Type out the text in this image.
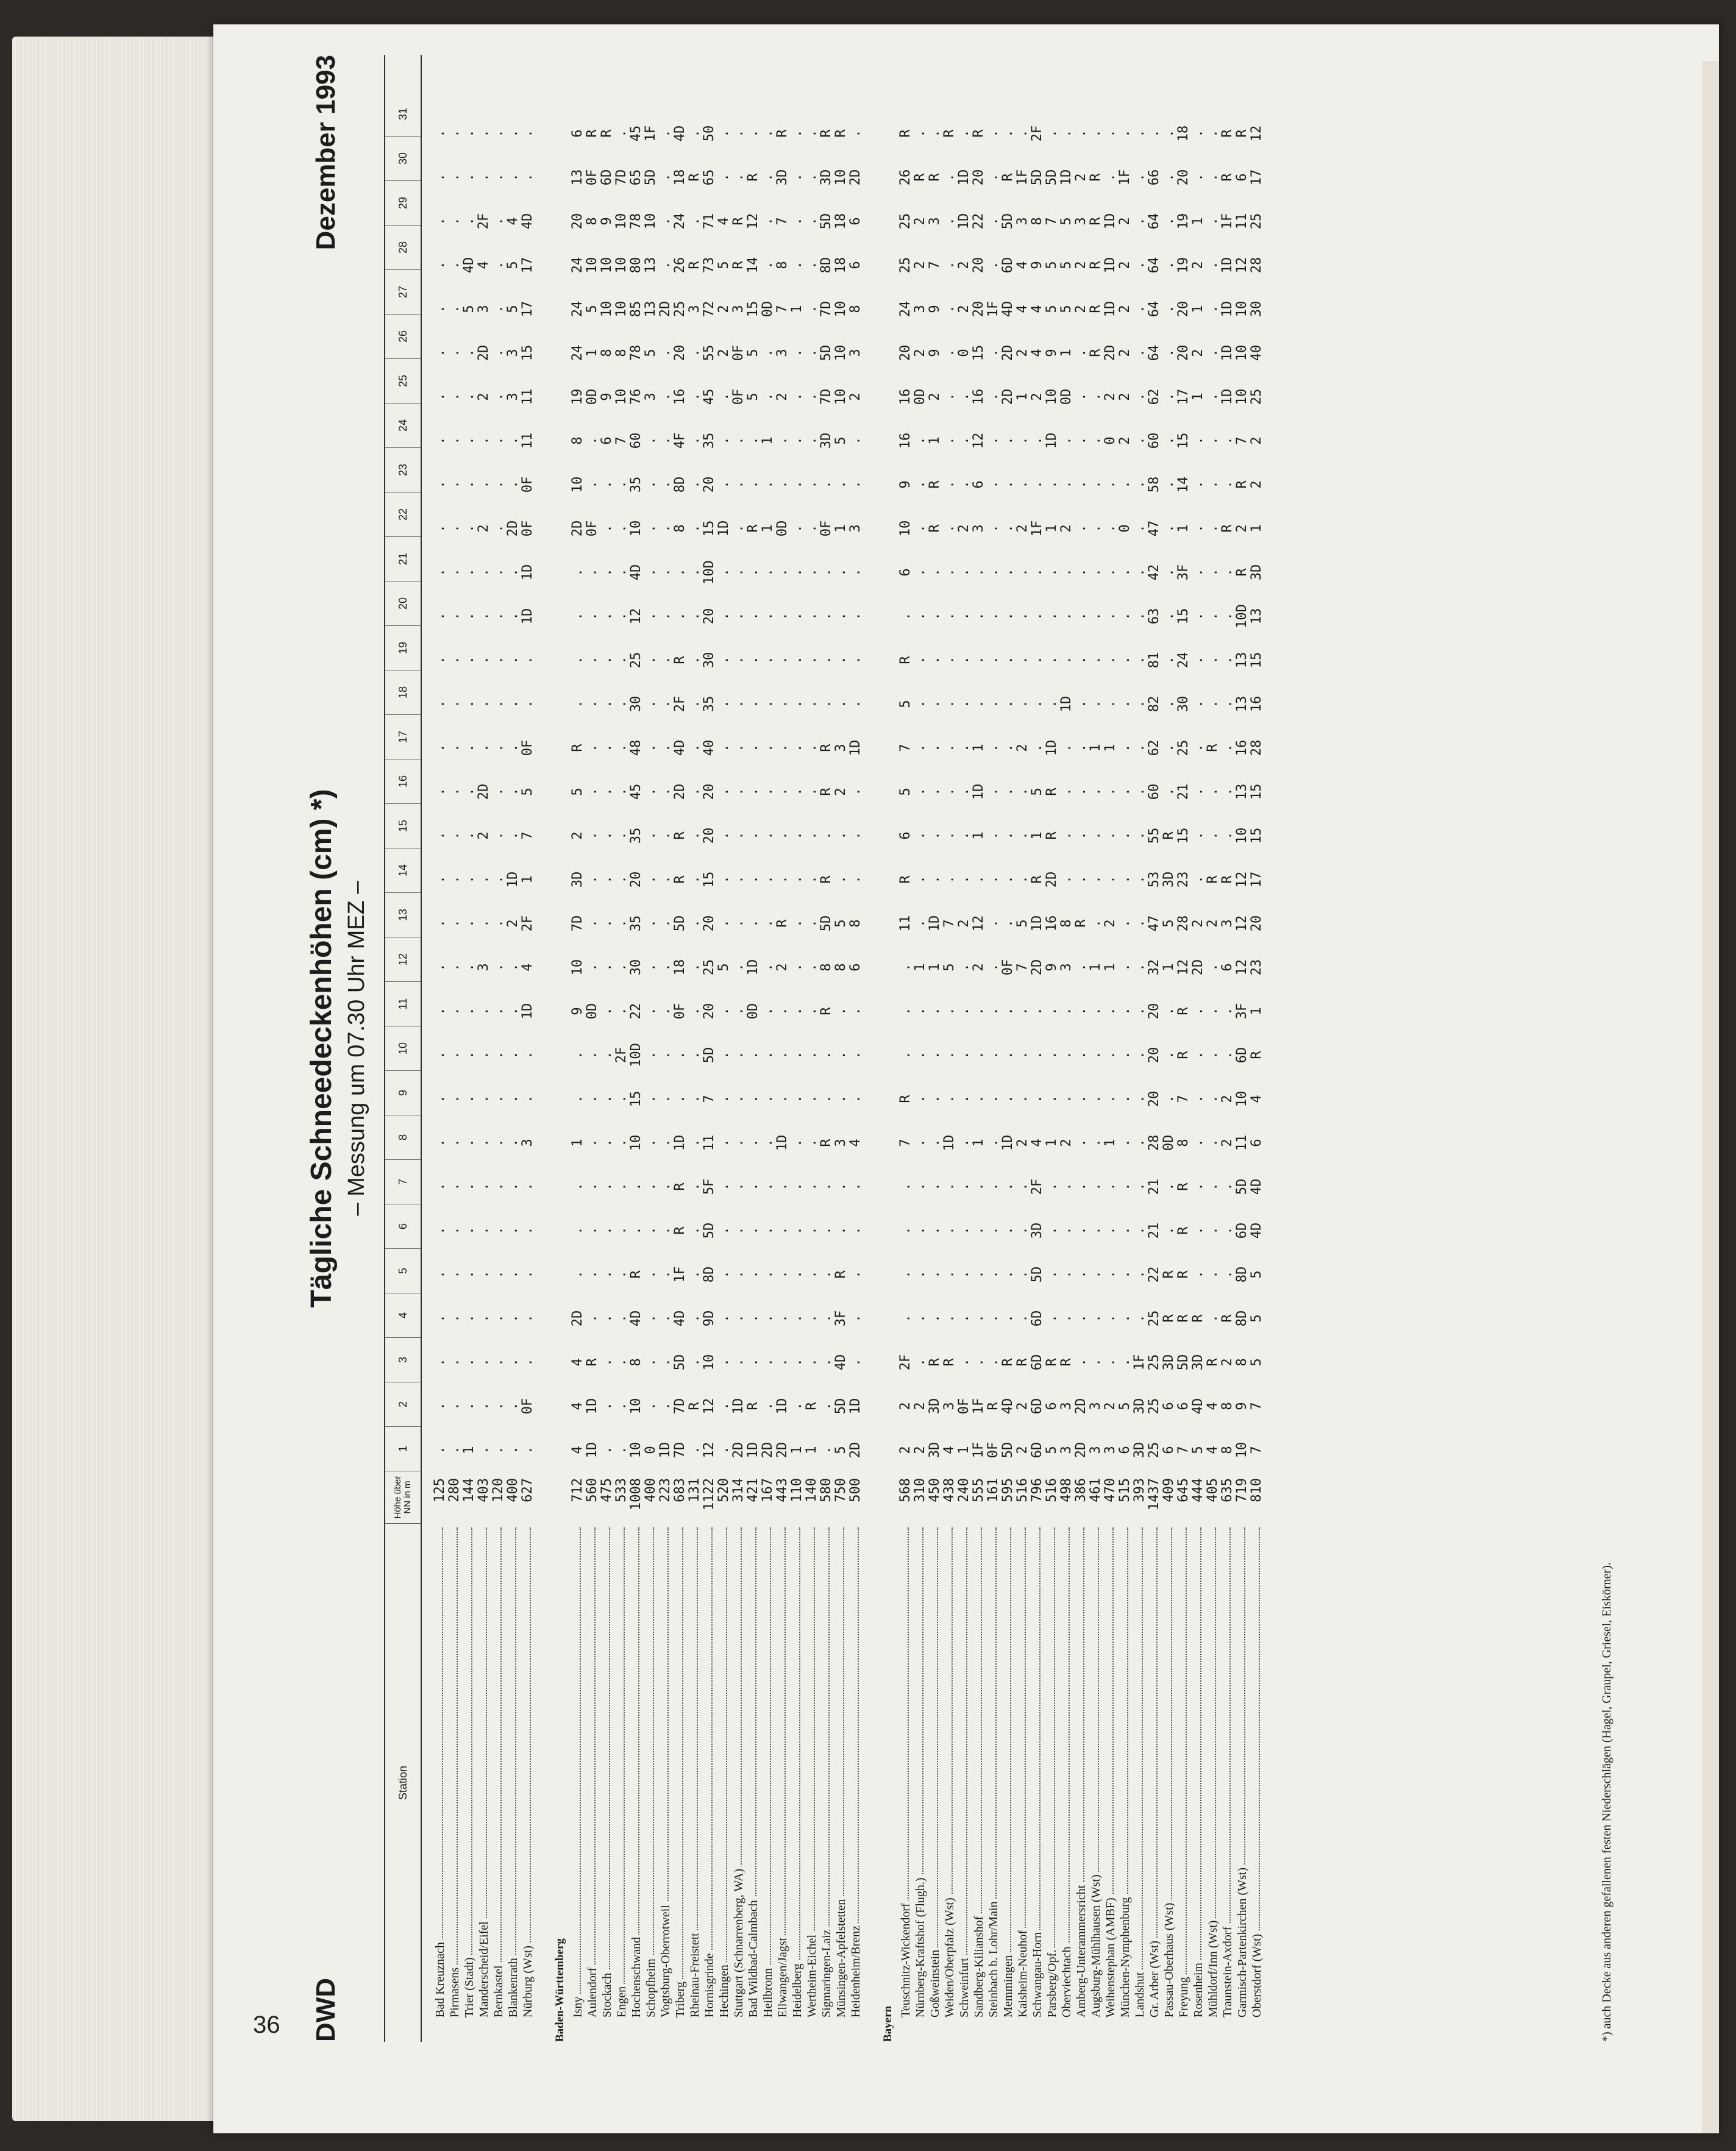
36 DWD
Tägliche Schneedeckenhöhen (cm) *) – Messung um 07.30 Uhr MEZ –
Dezember 1993
Station
Höhe über NN in m
1
2
3
4
5
6
7
8
9
10
11
12
13
14
15
16
17
18
19
20
21
22
23
24
25
26
27
28
29
30
31
Bad Kreuznach
125
.
.
.
.
.
.
.
.
.
.
.
.
.
.
.
.
.
.
.
.
.
.
.
.
.
.
.
.
.
.
.
Pirmasens
280
.
.
.
.
.
.
.
.
.
.
.
.
.
.
.
.
.
.
.
.
.
.
.
.
.
.
.
.
.
.
.
Trier (Stadt)
144
1
.
.
.
.
.
.
.
.
.
.
.
.
.
.
.
.
.
.
.
.
.
.
.
.
.
5
4D
.
.
.
Manderscheid/Eifel
403
.
.
.
.
.
.
.
.
.
.
.
3
.
.
2
2D
.
.
.
.
.
2
.
.
2
2D
3
4
2F
.
.
Bernkastel
120
.
.
.
.
.
.
.
.
.
.
.
.
.
.
.
.
.
.
.
.
.
.
.
.
.
.
.
.
.
.
.
Blankenrath
400
.
.
.
.
.
.
.
.
.
.
.
.
2
1D
.
.
.
.
.
.
.
2D
.
.
3
3
5
5
4
.
.
Nürburg (Wst)
627
.
0F
.
.
.
.
.
3
.
.
1D
4
2F
1
7
5
0F
.
.
1D
1D
0F
0F
11
11
15
17
17
4D
.
.
Baden-Württemberg Isny
712
4
4
4
2D
.
.
.
1
.
.
9
10
7D
3D
2
5
R
.
.
.
.
2D
10
8
19
24
24
24
20
13
6
Aulendorf
560
1D
1D
R
.
.
.
.
.
.
.
0D
.
.
.
.
.
.
.
.
.
.
0F
.
.
0D
1
5
10
8
0F
R
Stockach
475
.
.
.
.
.
.
.
.
.
.
.
.
.
.
.
.
.
.
.
.
.
.
.
6
9
8
10
10
9
6D
R
Engen
533
.
.
.
.
.
.
.
.
.
2F
.
.
.
.
.
.
.
.
.
.
.
.
.
7
10
8
10
10
10
7D
.
Hochenschwand
1008
10
10
8
4D
R
.
.
10
15
10D
22
30
35
20
35
45
48
30
25
12
4D
10
35
60
76
78
85
80
78
65
45
Schopfheim
400
0
.
.
.
.
.
.
.
.
.
.
.
.
.
.
.
.
.
.
.
.
.
.
.
3
5
13
13
10
5D
1F
Vogtsburg-Oberrotweil
223
1D
.
.
.
.
.
.
.
.
.
.
.
.
.
.
.
.
.
.
.
.
.
.
.
.
.
2D
.
.
.
.
Triberg
683
7D
7D
5D
4D
1F
R
R
1D
.
.
0F
18
5D
R
R
2D
4D
2F
R
.
.
8
8D
4F
16
20
25
26
24
18
4D
Rheinau-Freistett
131
.
R
.
.
.
.
.
.
.
.
.
.
.
.
.
.
.
.
.
.
.
.
.
.
.
.
3
R
.
R
.
Hornisgrinde
1122
12
12
10
9D
8D
5D
5F
11
7
5D
20
25
20
15
20
20
40
35
30
20
10D
15
20
35
45
55
72
73
71
65
50
Hechingen
520
.
.
.
.
.
.
.
.
.
.
.
5
.
.
.
.
.
.
.
.
.
1D
.
.
.
2
2
5
4
.
.
Stuttgart (Schnarrenberg, WA)
314
2D
1D
.
.
.
.
.
.
.
.
.
.
.
.
.
.
.
.
.
.
.
.
.
.
0F
0F
3
R
R
.
.
Bad Wildbad-Calmbach
421
1D
R
.
.
.
.
.
.
.
.
0D
1D
.
.
.
.
.
.
.
.
.
R
.
.
5
5
15
14
12
R
.
Heilbronn
167
2D
.
.
.
.
.
.
.
.
.
.
.
.
.
.
.
.
.
.
.
.
1
.
1
.
.
0D
.
.
.
.
Ellwangen/Jagst
443
2D
1D
.
.
.
.
.
1D
.
.
.
2
R
.
.
.
.
.
.
.
.
0D
.
.
2
3
7
8
7
3D
R
Heidelberg
110
1
.
.
.
.
.
.
.
.
.
.
.
.
.
.
.
.
.
.
.
.
.
.
.
.
.
1
.
.
.
.
Wertheim-Eichel
140
1
R
.
.
.
.
.
.
.
.
.
.
.
.
.
.
.
.
.
.
.
.
.
.
.
.
.
.
.
.
.
Sigmaringen-Laiz
580
.
.
.
.
.
.
.
R
.
.
R
8
5D
R
.
R
R
.
.
.
.
0F
.
3D
7D
5D
7D
8D
5D
3D
R
Münsingen-Apfelstetten
750
5
5D
4D
3F
R
.
.
3
.
.
.
8
5
.
.
2
3
.
.
.
.
1
.
5
10
10
10
18
18
10
R
Heidenheim/Brenz
500
2D
1D
.
.
.
.
.
4
.
.
.
6
8
.
.
.
1D
.
.
.
.
3
.
.
2
3
8
6
6
2D
.
Bayern
Teuschnitz-Wickendorf
568
2
2
2F
.
.
.
.
7
R
.
.
.
11
R
6
5
7
5
R
.
6
10
9
16
16
20
24
25
25
26
R
Nürnberg-Kraftshof (Flugh.)
310
2
2
.
.
.
.
.
.
.
.
.
1
.
.
.
.
.
.
.
.
.
.
.
.
0D
2
3
2
2
R
.
Goßweinstein
450
3D
3D
R
.
.
.
.
.
.
.
.
1
1D
.
.
.
.
.
.
.
.
R
R
1
2
9
9
7
3
R
.
Weiden/Oberpfalz (Wst)
438
4
3
R
.
.
.
.
1D
.
.
.
5
7
.
.
.
.
.
.
.
.
.
.
.
.
.
.
.
.
.
R
Schweinfurt
240
1
0F
.
.
.
.
.
.
.
.
.
.
2
.
.
.
.
.
.
.
.
2
.
.
.
0
2
2
1D
1D
.
Sandberg-Kilianshof
555
1F
1F
.
.
.
.
.
1
.
.
.
2
12
.
1
1D
1
.
.
.
.
3
6
12
16
15
20
20
22
20
R
Steinbach b. Lohr/Main
161
0F
R
.
.
.
.
.
.
.
.
.
.
.
.
.
.
.
.
.
.
.
.
.
.
.
.
1F
.
.
.
.
Memmingen
595
5D
4D
R
.
.
.
.
1D
.
.
.
0F
.
.
.
.
.
.
.
.
.
.
.
.
2D
2D
4D
6D
5D
R
.
Kaisheim-Neuhof
516
2
2
R
.
.
.
.
2
.
.
.
7
5
.
.
.
2
.
.
.
.
2
.
.
1
2
4
4
3
1F
.
Schwangau-Horn
796
6D
6D
6D
6D
5D
3D
2F
4
.
.
.
2D
1D
R
1
5
.
.
.
.
.
1F
.
.
2
4
4
9
8
5D
2F
Parsberg/Opf.
516
5
6
R
.
.
.
.
1
.
.
.
9
16
2D
R
R
1D
.
.
.
.
1
.
1D
10
9
5
5
7
5D
.
Oberviechtach
498
3
3
R
.
.
.
.
2
.
.
.
3
8
.
.
.
.
1D
.
.
.
2
.
.
0D
1
5
5
5
1D
.
Amberg-Unterammersricht
386
2D
2D
.
.
.
.
.
.
.
.
.
.
R
.
.
.
.
.
.
.
.
.
.
.
.
.
2
2
3
2
.
Augsburg-Mühlhausen (Wst)
461
3
3
.
.
.
.
.
.
.
.
.
1
.
.
.
.
1
.
.
.
.
.
.
.
.
R
R
R
R
R
.
Weihenstephan (AMBF)
470
3
2
.
.
.
.
.
1
.
.
.
1
2
.
.
.
1
.
.
.
.
.
.
0
2
2D
1D
1D
1D
.
.
München-Nymphenburg
515
6
5
.
.
.
.
.
.
.
.
.
.
.
.
.
.
.
.
.
.
.
0
.
2
2
2
2
2
2
1F
.
Landshut
393
3D
3D
1F
.
.
.
.
.
.
.
.
.
.
.
.
.
.
.
.
.
.
.
.
.
.
.
.
.
.
.
.
Gr. Arber (Wst)
1437
25
25
25
25
22
21
21
28
20
20
20
32
47
53
55
60
62
82
81
63
42
47
58
60
62
64
64
64
64
66
.
Passau-Oberhaus (Wst)
409
6
6
3D
R
R
.
.
0D
.
.
.
1
5
3D
R
.
.
.
.
.
.
.
.
.
.
.
.
.
.
.
.
Freyung
645
7
6
5D
R
R
R
R
8
7
R
R
12
28
23
15
21
25
30
24
15
3F
1
14
15
17
20
20
19
19
20
18
Rosenheim
444
5
4D
3D
R
.
.
.
.
.
.
.
2D
2
.
.
.
.
.
.
.
.
.
.
.
1
2
1
2
1
.
.
Mühldorf/Inn (Wst)
405
4
4
R
.
.
.
.
.
.
.
.
.
2
R
.
.
R
.
.
.
.
.
.
.
.
.
.
.
.
.
.
Traunstein-Axdorf
635
8
8
2
R
.
.
.
2
2
.
.
6
3
R
.
.
.
.
.
.
.
R
.
.
1D
1D
1D
1D
1F
R
R
Garmisch-Partenkirchen (Wst)
719
10
9
8
8D
8D
6D
5D
11
10
6D
3F
12
12
12
10
13
16
13
13
10D
R
2
R
7
10
10
10
12
11
6
R
Oberstdorf (Wst)
810
7
7
5
5
5
4D
4D
6
4
R
1
23
20
17
15
15
28
16
15
13
3D
1
2
2
25
40
30
28
25
17
12
*) auch Decke aus anderen gefallenen festen Niederschlägen (Hagel, Graupel, Griesel, Eiskörner).
